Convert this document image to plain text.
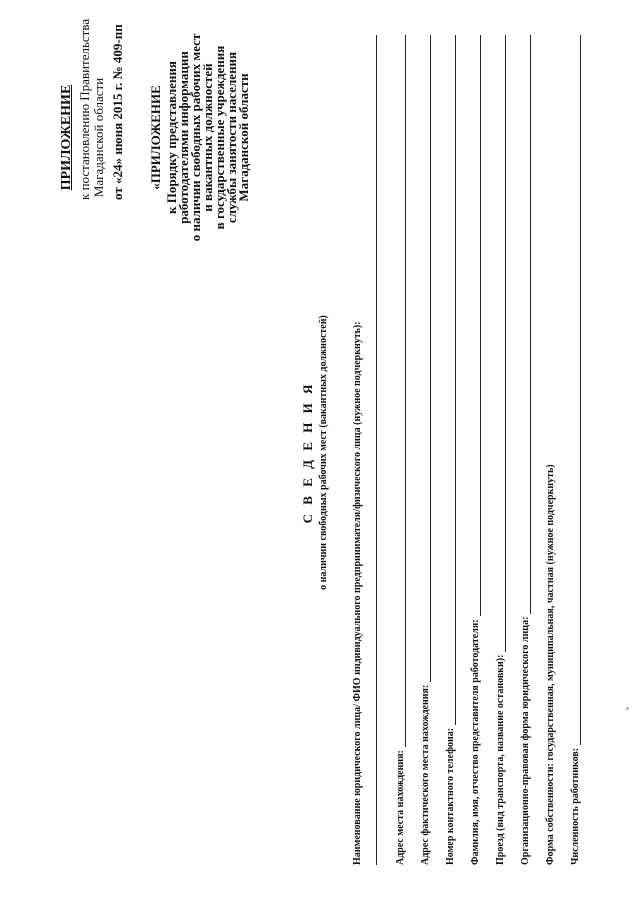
ПРИЛОЖЕНИЕ к постановлению Правительства Магаданской области от «24» июня 2015 г. № 409-пп «ПРИЛОЖЕНИЕ к Порядку представления
работодателями информации
о наличии свободных рабочих мест
и вакантных должностей
в государственные учреждения
службы занятости населения
Магаданской области
С В Е Д Е Н И Я о наличии свободных рабочих мест (вакантных должностей) Наименование юридического лица/ ФИО индивидуального предпринимателя/физического лица (нужное подчеркнуть):	Адрес места нахождения: Адрес фактического места нахождения: Номер контактного телефона: Фамилия, имя, отчество представителя работодателя: Проезд (вид транспорта, название остановки): Организационно-правовая форма юридического лица: Форма собственности: государственная, муниципальная, частная (нужное подчеркнуть) Численность работников:
